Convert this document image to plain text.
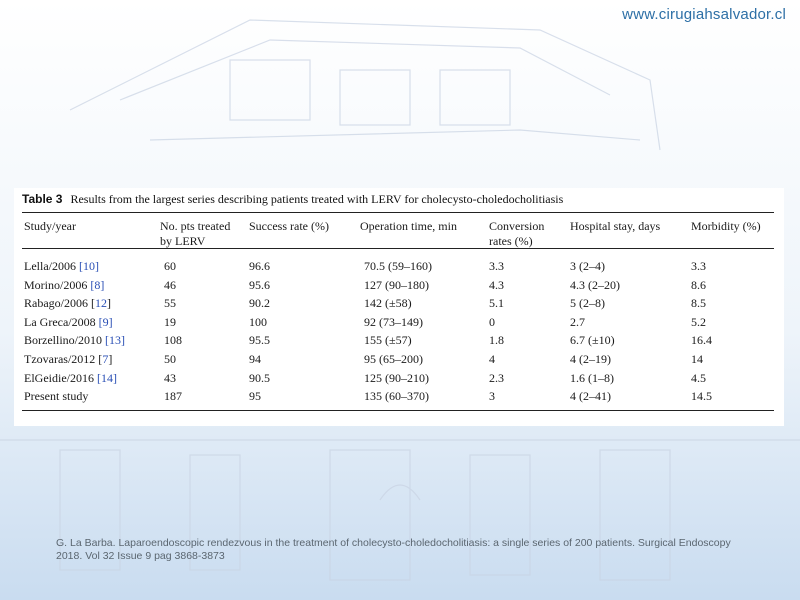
www.cirugiahsalvador.cl
Table 3 Results from the largest series describing patients treated with LERV for cholecysto-choledocholitiasis
Study/year	No. pts treated by LERV	Success rate (%)	Operation time, min	Conversion rates (%)	Hospital stay, days	Morbidity (%)
Lella/2006 [10]	60	96.6	70.5 (59–160)	3.3	3 (2–4)	3.3
Morino/2006 [8]	46	95.6	127 (90–180)	4.3	4.3 (2–20)	8.6
Rabago/2006 [12]	55	90.2	142 (±58)	5.1	5 (2–8)	8.5
La Greca/2008 [9]	19	100	92 (73–149)	0	2.7	5.2
Borzellino/2010 [13]	108	95.5	155 (±57)	1.8	6.7 (±10)	16.4
Tzovaras/2012 [7]	50	94	95 (65–200)	4	4 (2–19)	14
ElGeidie/2016 [14]	43	90.5	125 (90–210)	2.3	1.6 (1–8)	4.5
Present study	187	95	135 (60–370)	3	4 (2–41)	14.5
G. La Barba. Laparoendoscopic rendezvous in the treatment of cholecysto-choledocholitiasis: a single series of 200 patients. Surgical Endoscopy 2018. Vol 32 Issue 9 pag 3868-3873
